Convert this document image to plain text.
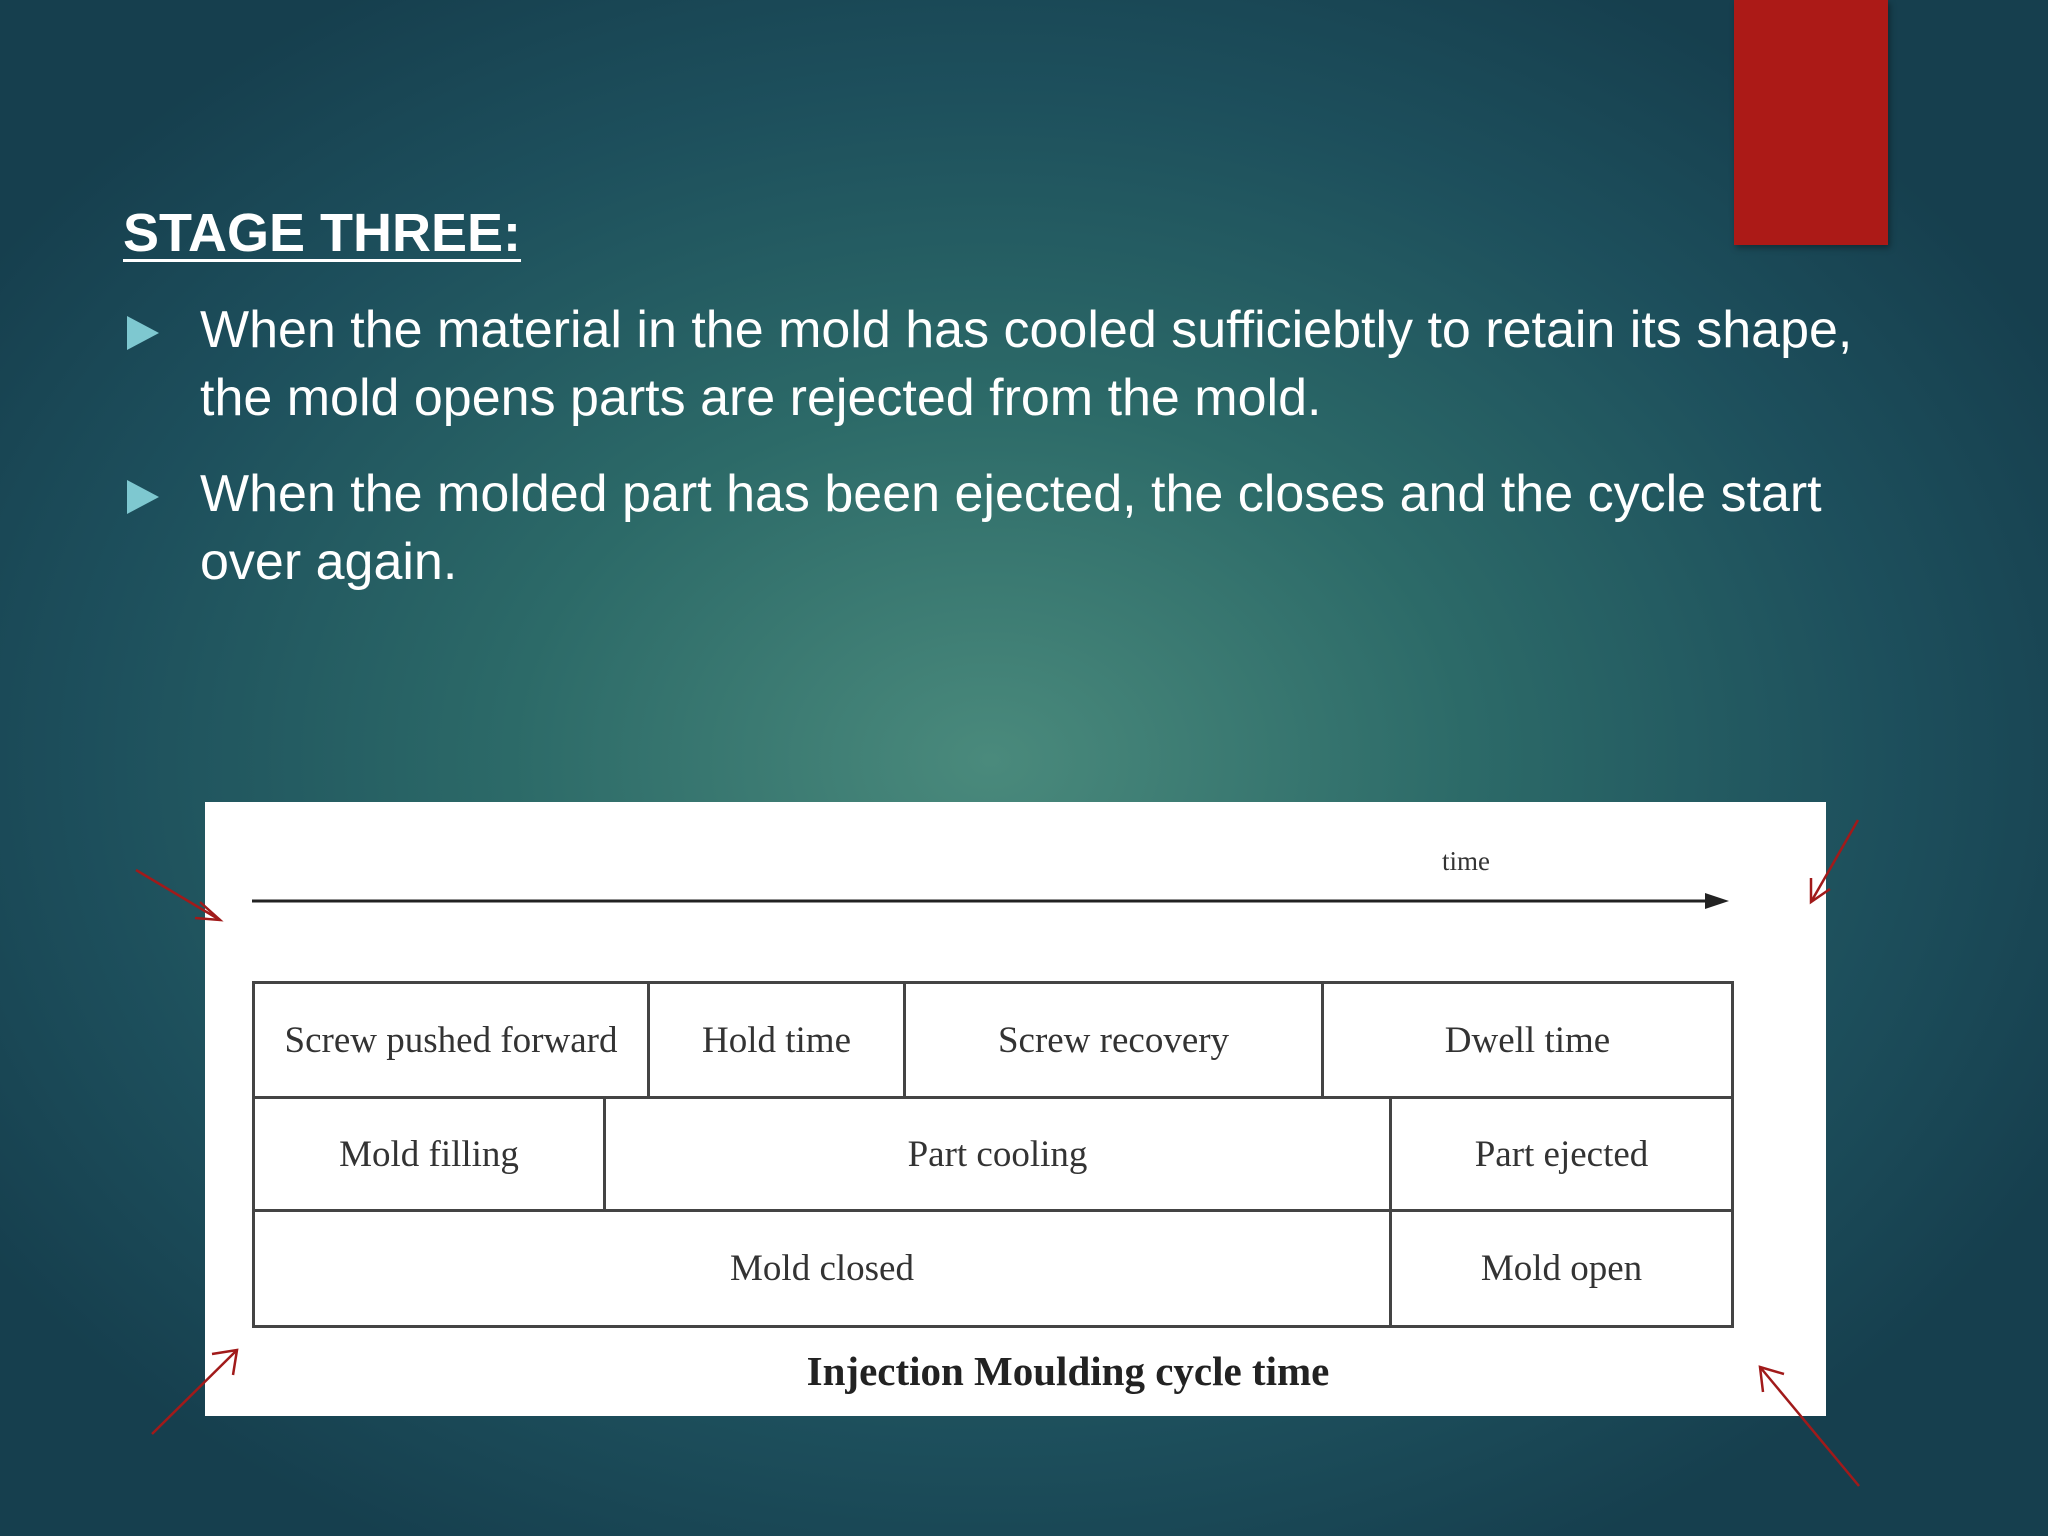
STAGE THREE:
When the material in the mold has cooled sufficiebtly to retain its shape, the mold opens parts are rejected from the mold.
When the molded part has been ejected, the closes and the cycle start over again.
Screw pushed forward	Hold time	Screw recovery	Dwell time
Mold filling	Part cooling	Part ejected
Mold closed	Mold open
Injection Moulding cycle time
time
